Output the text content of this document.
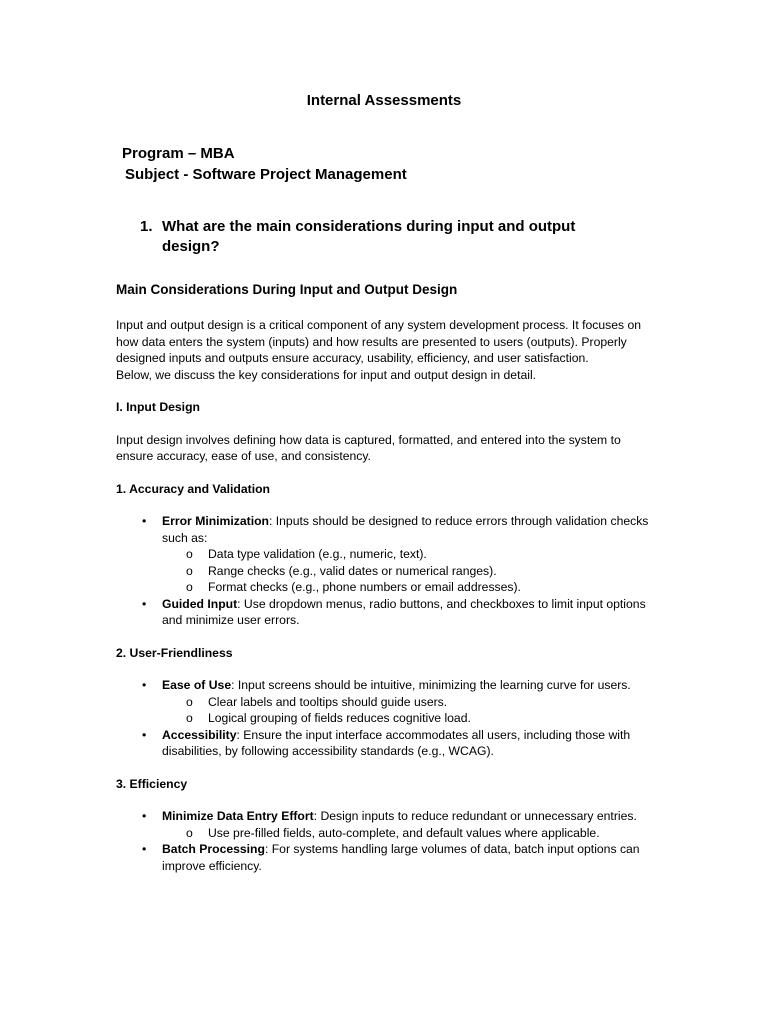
Internal Assessments

Program – MBA

Subject - Software Project Management

1. What are the main considerations during input and output design?
Main Considerations During Input and Output Design

Input and output design is a critical component of any system development process. It focuses on how data enters the system (inputs) and how results are presented to users (outputs). Properly designed inputs and outputs ensure accuracy, usability, efficiency, and user satisfaction.

Below, we discuss the key considerations for input and output design in detail.

I. Input Design

Input design involves defining how data is captured, formatted, and entered into the system to ensure accuracy, ease of use, and consistency.

1. Accuracy and Validation
• Error Minimization: Inputs should be designed to reduce errors through validation checks such as:
o Data type validation (e.g., numeric, text).
o Range checks (e.g., valid dates or numerical ranges).
o Format checks (e.g., phone numbers or email addresses).
• Guided Input: Use dropdown menus, radio buttons, and checkboxes to limit input options and minimize user errors.
2. User-Friendliness
• Ease of Use: Input screens should be intuitive, minimizing the learning curve for users.
o Clear labels and tooltips should guide users.
o Logical grouping of fields reduces cognitive load.
• Accessibility: Ensure the input interface accommodates all users, including those with disabilities, by following accessibility standards (e.g., WCAG).
3. Efficiency
• Minimize Data Entry Effort: Design inputs to reduce redundant or unnecessary entries.
o Use pre-filled fields, auto-complete, and default values where applicable.
• Batch Processing: For systems handling large volumes of data, batch input options can improve efficiency.
